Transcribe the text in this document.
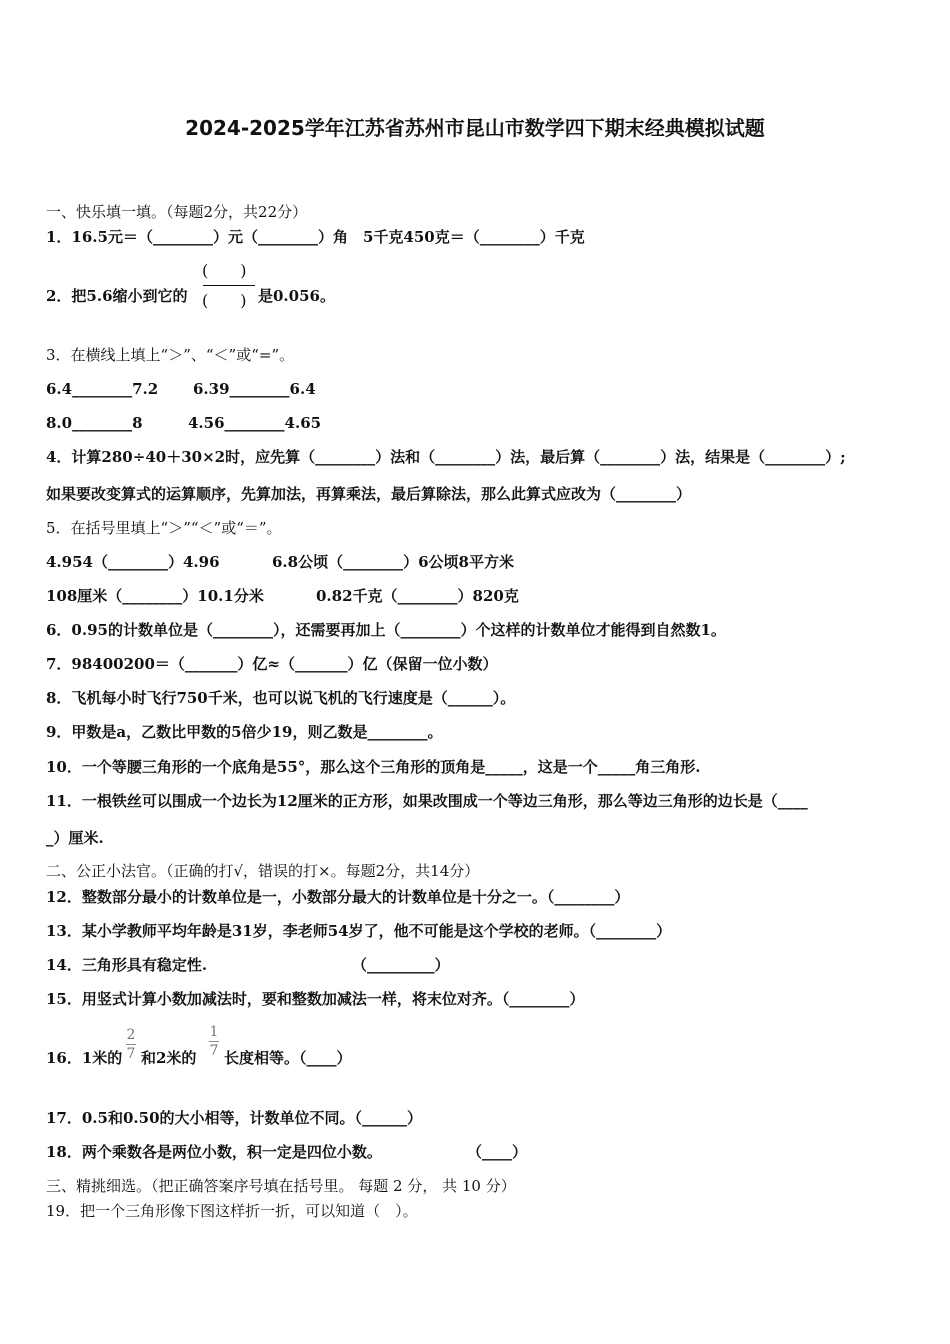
2024-2025学年江苏省苏州市昆山市数学四下期末经典模拟试题
一、快乐填一填。（每题2分，共22分）
1．16.5元＝（________）元（________）角　5千克450克＝（________）千克
2．把5.6缩小到它的
(　　)
(　　) 是0.056。
3．在横线上填上“＞”、“＜”或“=”。
6.4________7.2 6.39________6.4
8.0________8	4.56________4.65
4．计算280÷40＋30×2时，应先算（________）法和（________）法，最后算（________）法，结果是（________）;
如果要改变算式的运算顺序，先算加法，再算乘法，最后算除法，那么此算式应改为（________）
5．在括号里填上“＞”“＜”或“＝”。
4.954（________）4.96	6.8公顷（________）6公顷8平方米
108厘米（________）10.1分米	0.82千克（________）820克
6．0.95的计数单位是（________），还需要再加上（________）个这样的计数单位才能得到自然数1。
7．98400200＝（_______）亿≈（_______）亿（保留一位小数）
8．飞机每小时飞行750千米，也可以说飞机的飞行速度是（______）。
9．甲数是a，乙数比甲数的5倍少19，则乙数是________。
10．一个等腰三角形的一个底角是55°，那么这个三角形的顶角是_____，这是一个_____角三角形.
11．一根铁丝可以围成一个边长为12厘米的正方形，如果改围成一个等边三角形，那么等边三角形的边长是（____
_）厘米.
二、公正小法官。（正确的打√，错误的打×。每题2分，共14分）
12．整数部分最小的计数单位是一，小数部分最大的计数单位是十分之一。（________）
13．某小学教师平均年龄是31岁，李老师54岁了，他不可能是这个学校的老师。（________）
14．三角形具有稳定性.	（_________）
15．用竖式计算小数加减法时，要和整数加减法一样，将末位对齐。（________）
16．1米的
2
7 和2米的
1
7 长度相等。（____）
17．0.5和0.50的大小相等，计数单位不同。（______）
18．两个乘数各是两位小数，积一定是四位小数。	（____）
三、精挑细选。（把正确答案序号填在括号里。 每题 2 分， 共 10 分）
19．把一个三角形像下图这样折一折，可以知道（　）。
